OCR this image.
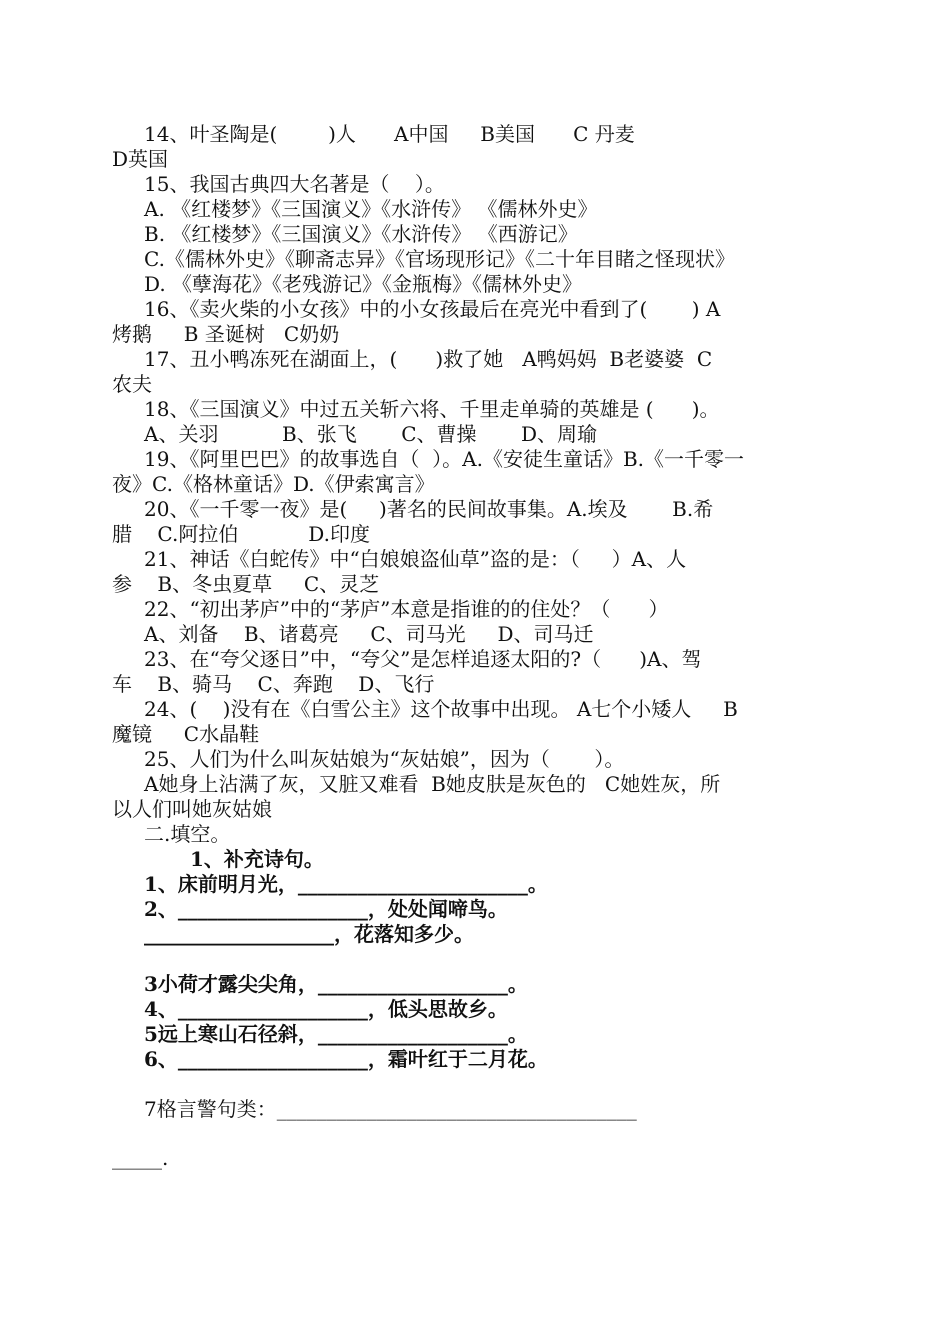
14、叶圣陶是(        )人      A中国     B美国      C 丹麦
D英国
15、我国古典四大名著是（    ）。
A. 《红楼梦》《三国演义》《水浒传》 《儒林外史》
B. 《红楼梦》《三国演义》《水浒传》 《西游记》
C.《儒林外史》《聊斋志异》《官场现形记》《二十年目睹之怪现状》
D. 《孽海花》《老残游记》《金瓶梅》《儒林外史》
16、《卖火柴的小女孩》中的小女孩最后在亮光中看到了(       ) A
烤鹅     B 圣诞树   C奶奶
17、丑小鸭冻死在湖面上，(      )救了她   A鸭妈妈  B老婆婆  C
农夫
18、《三国演义》中过五关斩六将、千里走单骑的英雄是 (      )。
A、关羽          B、张飞       C、曹操       D、周瑜
19、《阿里巴巴》的故事选自（  ）。A.《安徒生童话》B.《一千零一
夜》C.《格林童话》D.《伊索寓言》
20、《一千零一夜》是(     )著名的民间故事集。A.埃及       B.希
腊    C.阿拉伯           D.印度
21、神话《白蛇传》中“白娘娘盗仙草”盗的是：（     ）A、人
参    B、冬虫夏草     C、灵芝
22、“初出茅庐”中的“茅庐”本意是指谁的的住处？（      ）
A、刘备    B、诸葛亮     C、司马光     D、司马迁
23、在“夸父逐日”中，“夸父”是怎样追逐太阳的?（      )A、驾
车    B、骑马    C、奔跑    D、飞行
24、(    )没有在《白雪公主》这个故事中出现。 A七个小矮人     B
魔镜     C水晶鞋
25、人们为什么叫灰姑娘为“灰姑娘”，因为（       ）。
A她身上沾满了灰，又脏又难看  B她皮肤是灰色的   C她姓灰，所
以人们叫她灰姑娘
二.填空。
1、补充诗句。
1、床前明月光，_______________________。
2、___________________，处处闻啼鸟。
___________________，花落知多少。
3小荷才露尖尖角，___________________。
4、___________________，低头思故乡。
5远上寒山石径斜，___________________。
6、___________________，霜叶红于二月花。
7格言警句类：____________________________________
_____.
